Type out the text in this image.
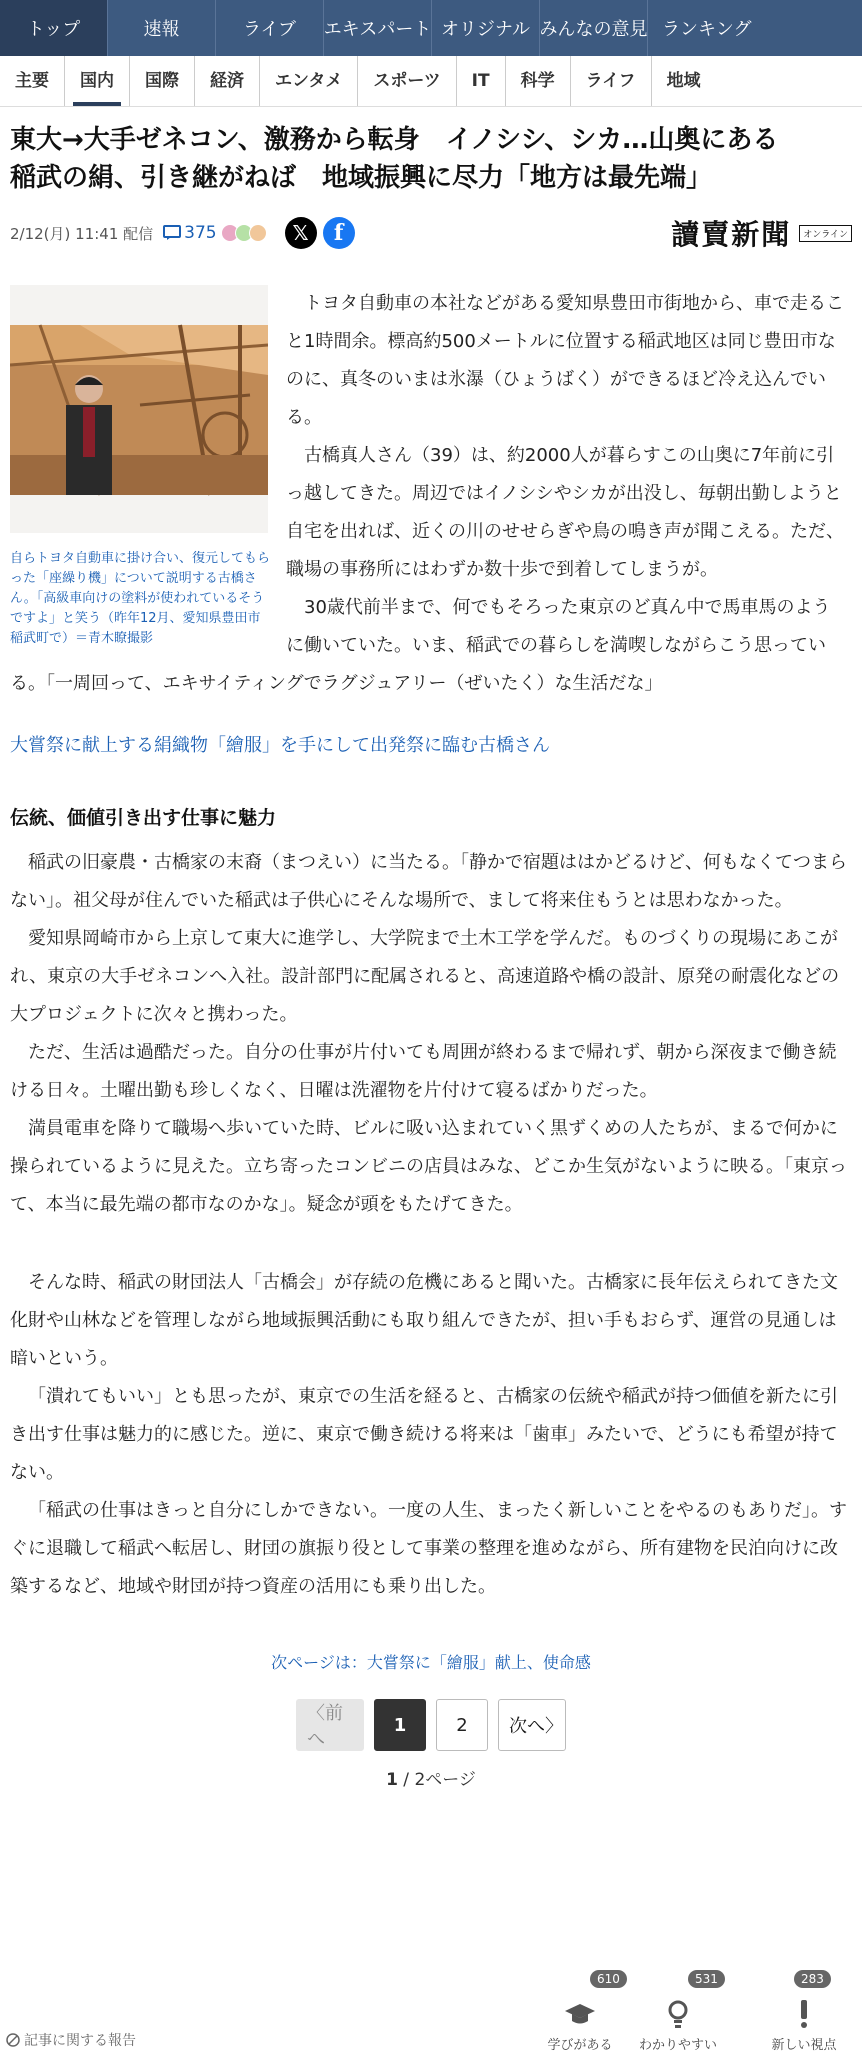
トップ	速報	ライブ	エキスパート オリジナル みんなの意見 ランキング
主要	国内	国際	経済	エンタメ	スポーツ	IT	科学	ライフ	地域
東大→大手ゼネコン、激務から転身　イノシシ、シカ…山奥にある
稲武の絹、引き継がねば　地域振興に尽力「地方は最先端」
2/12(月) 11:41 配信 375	𝕏	f	讀賣新聞	オンライン
自らトヨタ自動車に掛け合い、復元してもらった「座繰り機」について説明する古橋さん。「高級車向けの塗料が使われているそうですよ」と笑う（昨年12月、愛知県豊田市稲武町で）＝青木瞭撮影

トヨタ自動車の本社などがある愛知県豊田市街地から、車で走ること1時間余。標高約500メートルに位置する稲武地区は同じ豊田市なのに、真冬のいまは氷瀑（ひょうばく）ができるほど冷え込んでいる。

古橋真人さん（39）は、約2000人が暮らすこの山奥に7年前に引っ越してきた。周辺ではイノシシやシカが出没し、毎朝出勤しようと自宅を出れば、近くの川のせせらぎや鳥の鳴き声が聞こえる。ただ、職場の事務所にはわずか数十歩で到着してしまうが。

30歳代前半まで、何でもそろった東京のど真ん中で馬車馬のように働いていた。いま、稲武での暮らしを満喫しながらこう思っている。「一周回って、エキサイティングでラグジュアリー（ぜいたく）な生活だな」

大嘗祭に献上する絹織物「繪服」を手にして出発祭に臨む古橋さん
伝統、価値引き出す仕事に魅力

稲武の旧豪農・古橋家の末裔（まつえい）に当たる。「静かで宿題ははかどるけど、何もなくてつまらない」。祖父母が住んでいた稲武は子供心にそんな場所で、まして将来住もうとは思わなかった。

愛知県岡崎市から上京して東大に進学し、大学院まで土木工学を学んだ。ものづくりの現場にあこがれ、東京の大手ゼネコンへ入社。設計部門に配属されると、高速道路や橋の設計、原発の耐震化などの大プロジェクトに次々と携わった。

ただ、生活は過酷だった。自分の仕事が片付いても周囲が終わるまで帰れず、朝から深夜まで働き続ける日々。土曜出勤も珍しくなく、日曜は洗濯物を片付けて寝るばかりだった。

満員電車を降りて職場へ歩いていた時、ビルに吸い込まれていく黒ずくめの人たちが、まるで何かに操られているように見えた。立ち寄ったコンビニの店員はみな、どこか生気がないように映る。「東京って、本当に最先端の都市なのかな」。疑念が頭をもたげてきた。

そんな時、稲武の財団法人「古橋会」が存続の危機にあると聞いた。古橋家に長年伝えられてきた文化財や山林などを管理しながら地域振興活動にも取り組んできたが、担い手もおらず、運営の見通しは暗いという。

「潰れてもいい」とも思ったが、東京での生活を経ると、古橋家の伝統や稲武が持つ価値を新たに引き出す仕事は魅力的に感じた。逆に、東京で働き続ける将来は「歯車」みたいで、どうにも希望が持てない。

「稲武の仕事はきっと自分にしかできない。一度の人生、まったく新しいことをやるのもありだ」。すぐに退職して稲武へ転居し、財団の旗振り役として事業の整理を進めながら、所有建物を民泊向けに改築するなど、地域や財団が持つ資産の活用にも乗り出した。

次ページは：大嘗祭に「繪服」献上、使命感
〈前へ
1	2	次へ〉
1 / 2ページ
記事に関する報告
610
学びがある
531
わかりやすい
283
新しい視点
